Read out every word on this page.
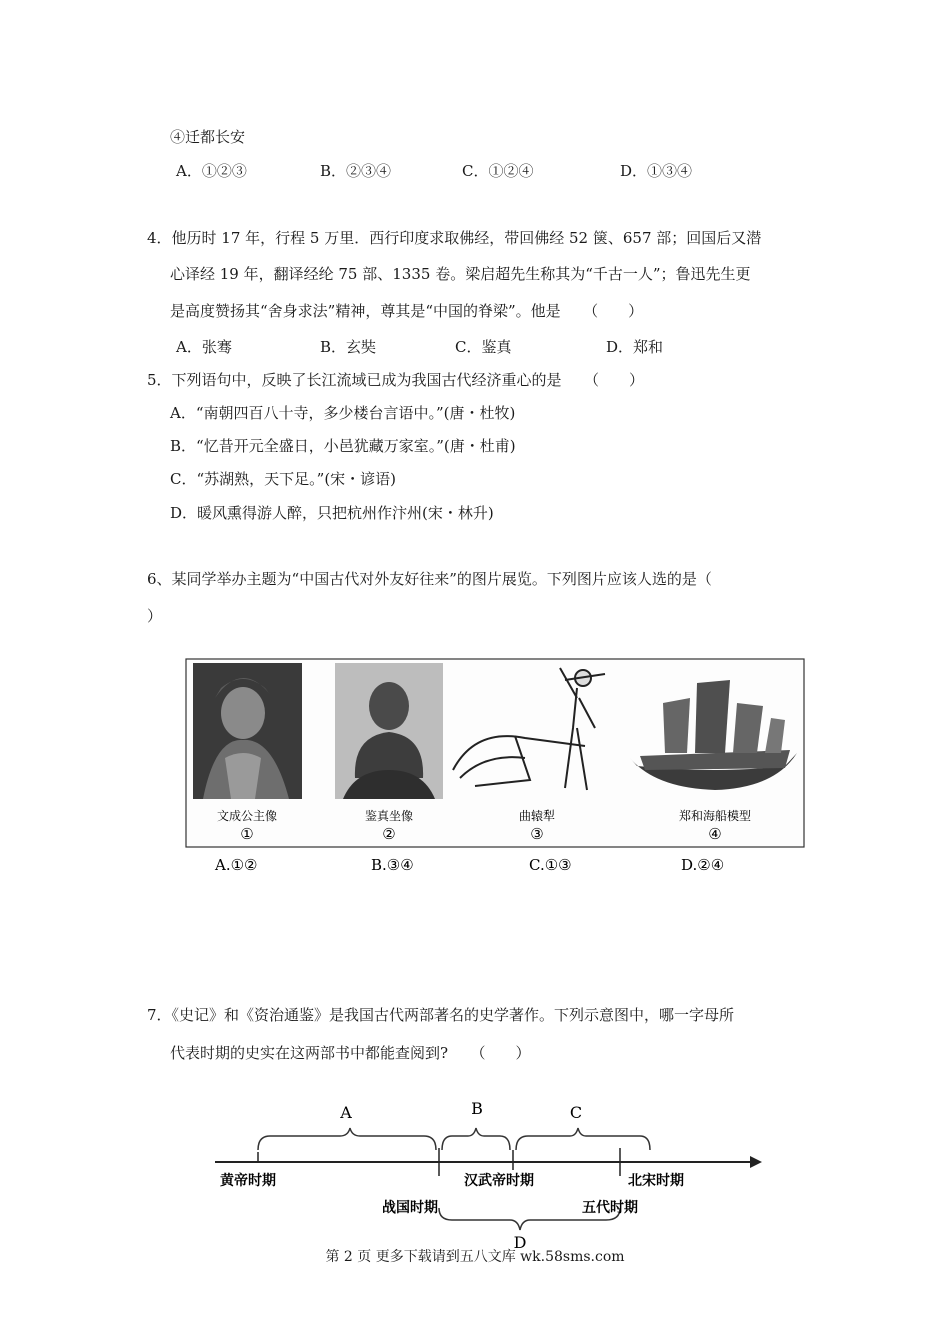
④迁都长安
A．①②③	B．②③④	C．①②④	D．①③④
4．他历时 17 年，行程 5 万里．西行印度求取佛经，带回佛经 52 箧、657 部；回国后又潜
心译经 19 年，翻译经纶 75 部、1335 卷。梁启超先生称其为“千古一人”；鲁迅先生更
是高度赞扬其“舍身求法”精神，尊其是“中国的脊梁”。他是　　（　　）
A．张骞	B．玄奘	C．鉴真	D．郑和
5．下列语句中，反映了长江流域已成为我国古代经济重心的是　　（　　）
A．“南朝四百八十寺，多少楼台言语中。”(唐・杜牧)
B．“忆昔开元全盛日，小邑犹藏万家室。”(唐・杜甫)
C．“苏湖熟，天下足。”(宋・谚语)
D．暖风熏得游人醉，只把杭州作汴州(宋・林升)
6、某同学举办主题为“中国古代对外友好往来”的图片展览。下列图片应该人选的是（
）
文成公主像
①
鉴真坐像
②
曲辕犁
③
郑和海船模型
④
A.①②	B.③④	C.①③	D.②④
7．《史记》和《资治通鉴》是我国古代两部著名的史学著作。下列示意图中，哪一字母所
代表时期的史实在这两部书中都能查阅到?　　（　　）
A	B	C
D
黄帝时期
战国时期
汉武帝时期
五代时期
北宋时期
第 2 页 更多下载请到五八文库 wk.58sms.com
